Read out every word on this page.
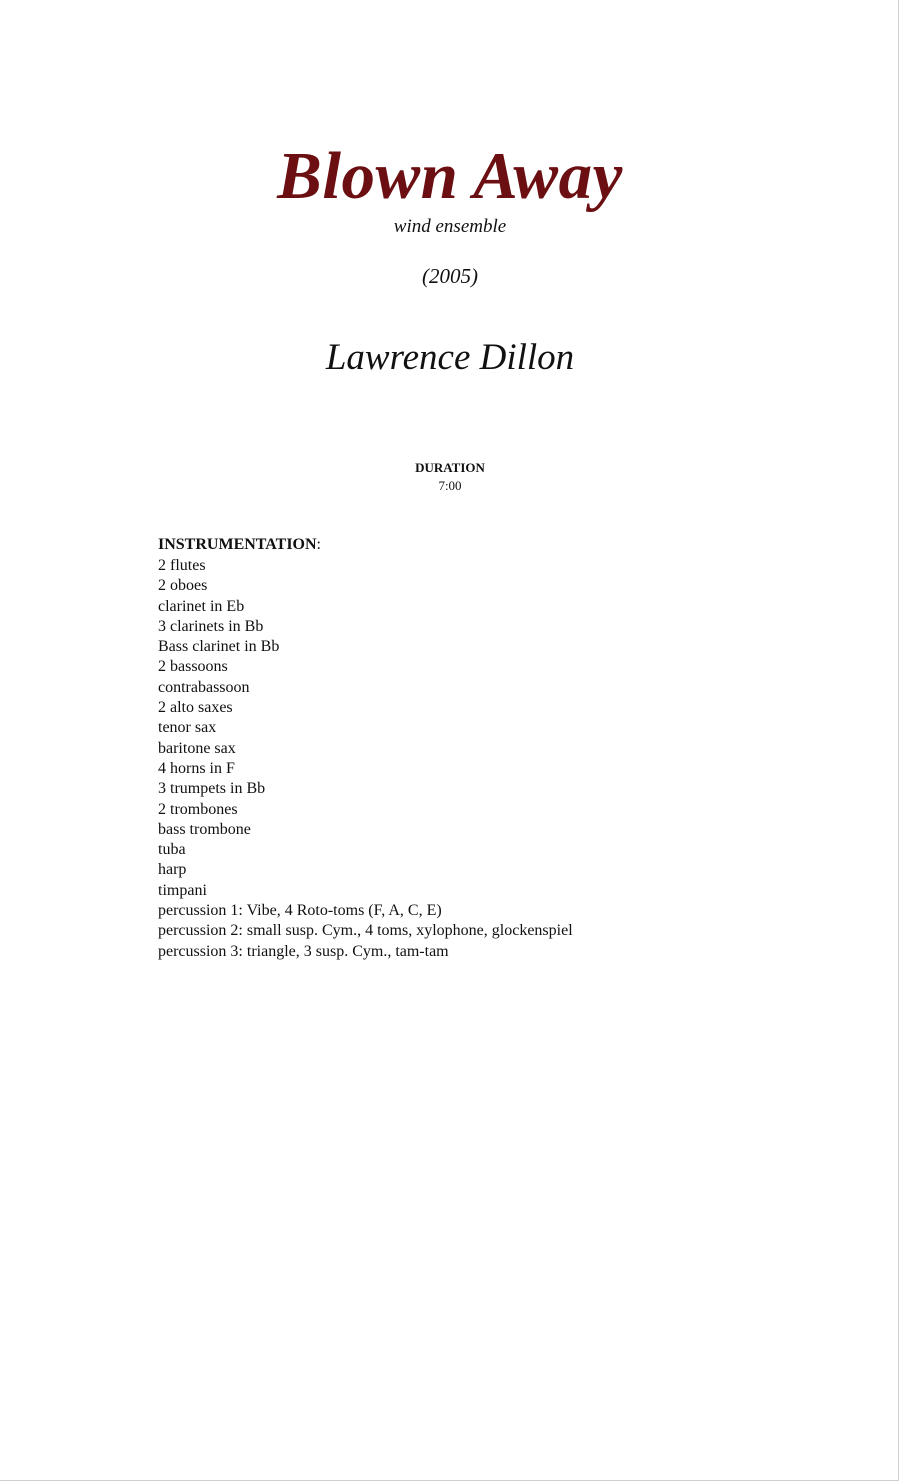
Blown Away
wind ensemble
(2005)
Lawrence Dillon
DURATION
7:00
INSTRUMENTATION:
2 flutes
2 oboes
clarinet in Eb
3 clarinets in Bb
Bass clarinet in Bb
2 bassoons
contrabassoon
2 alto saxes
tenor sax
baritone sax
4 horns in F
3 trumpets in Bb
2 trombones
bass trombone
tuba
harp
timpani
percussion 1: Vibe, 4 Roto-toms (F, A, C, E)
percussion 2: small susp. Cym., 4 toms, xylophone, glockenspiel
percussion 3: triangle, 3 susp. Cym., tam-tam
